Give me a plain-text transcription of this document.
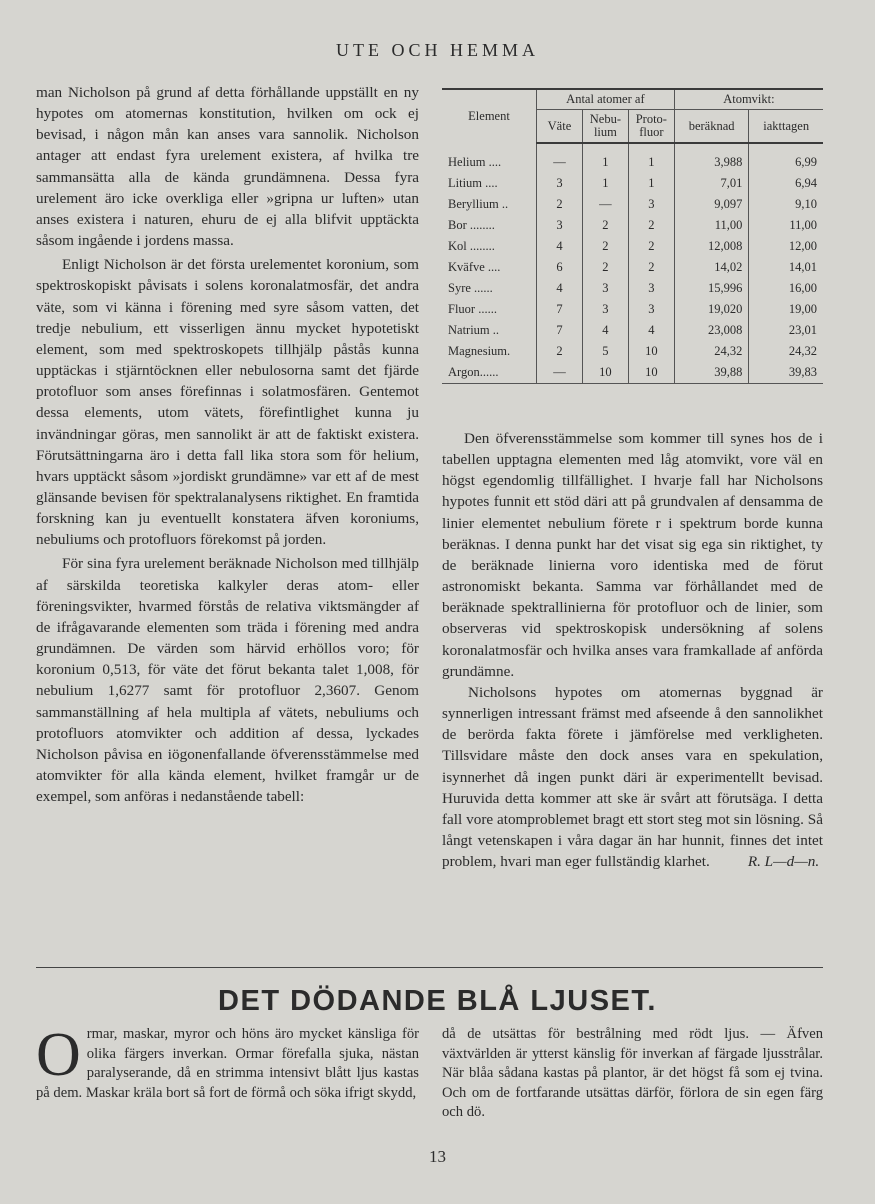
UTE OCH HEMMA

man Nicholson på grund af detta förhållande uppställt en ny hypotes om atomernas konstitution, hvilken om ock ej bevisad, i någon mån kan anses vara sannolik. Nicholson antager att endast fyra urelement existera, af hvilka tre sammansätta alla de kända grundämnena. Dessa fyra urelement äro icke overkliga eller »gripna ur luften» utan anses existera i naturen, ehuru de ej alla blifvit upptäckta såsom ingående i jordens massa.

Enligt Nicholson är det första urelementet koronium, som spektroskopiskt påvisats i solens koronalatmosfär, det andra väte, som vi känna i förening med syre såsom vatten, det tredje nebulium, ett visserligen ännu mycket hypotetiskt element, som med spektroskopets tillhjälp påstås kunna upptäckas i stjärntöcknen eller nebulosorna samt det fjärde protofluor som anses förefinnas i solatmosfären. Gentemot dessa elements, utom vätets, förefintlighet kunna ju invändningar göras, men sannolikt är att de faktiskt existera. Förutsättningarna äro i detta fall lika stora som för helium, hvars upptäckt såsom »jordiskt grundämne» var ett af de mest glänsande bevisen för spektralanalysens riktighet. En framtida forskning kan ju eventuellt konstatera äfven koroniums, nebuliums och protofluors förekomst på jorden.

För sina fyra urelement beräknade Nicholson med tillhjälp af särskilda teoretiska kalkyler deras atom- eller föreningsvikter, hvarmed förstås de relativa viktsmängder af de ifrågavarande elementen som träda i förening med andra grundämnen. De värden som härvid erhöllos voro; för koronium 0,513, för väte det förut bekanta talet 1,008, för nebulium 1,6277 samt för protofluor 2,3607. Genom sammanställning af hela multipla af vätets, nebuliums och protofluors atomvikter och addition af dessa, lyckades Nicholson påvisa en iögonenfallande öfverensstämmelse med atomvikter för alla kända element, hvilket framgår ur de exempel, som anföras i nedanstående tabell:

Element	Antal atomer af			Atomvikt:	
	Väte	Nebu-lium	Proto-fluor	beräknad	iakttagen
Helium ....	—	1	1	3,988	6,99
Litium ....	3	1	1	7,01	6,94
Beryllium ..	2	—	3	9,097	9,10
Bor ........	3	2	2	11,00	11,00
Kol ........	4	2	2	12,008	12,00
Kväfve ....	6	2	2	14,02	14,01
Syre ......	4	3	3	15,996	16,00
Fluor ......	7	3	3	19,020	19,00
Natrium ..	7	4	4	23,008	23,01
Magnesium.	2	5	10	24,32	24,32
Argon......	—	10	10	39,88	39,83

Den öfverensstämmelse som kommer till synes hos de i tabellen upptagna elementen med låg atomvikt, vore väl en högst egendomlig tillfällighet. I hvarje fall har Nicholsons hypotes funnit ett stöd däri att på grundvalen af densamma de linier elementet nebulium förete r i spektrum borde kunna beräknas. I denna punkt har det visat sig ega sin riktighet, ty de beräknade linierna voro identiska med de förut astronomiskt bekanta. Samma var förhållandet med de beräknade spektrallinierna för protofluor och de linier, som observeras vid spektroskopisk undersökning af solens koronalatmosfär och hvilka anses vara framkallade af anförda grundämne.

Nicholsons hypotes om atomernas byggnad är synnerligen intressant främst med afseende å den sannolikhet de berörda fakta förete i jämförelse med verkligheten. Tillsvidare måste den dock anses vara en spekulation, isynnerhet då ingen punkt däri är experimentellt bevisad. Huruvida detta kommer att ske är svårt att förutsäga. I detta fall vore atomproblemet bragt ett stort steg mot sin lösning. Så långt vetenskapen i våra dagar än har hunnit, finnes det intet problem, hvari man eger fullständig klarhet.	R. L—d—n.

DET DÖDANDE BLÅ LJUSET.
Ormar, maskar, myror och höns äro mycket känsliga för olika färgers inverkan. Ormar förefalla sjuka, nästan paralyserande, då en strimma intensivt blått ljus kastas på dem. Maskar kräla bort så fort de förmå och söka ifrigt skydd,
då de utsättas för bestrålning med rödt ljus. — Äfven växtvärlden är ytterst känslig för inverkan af färgade ljusstrålar. När blåa sådana kastas på plantor, är det högst få som ej tvina. Och om de fortfarande utsättas därför, förlora de sin egen färg och dö.
13
